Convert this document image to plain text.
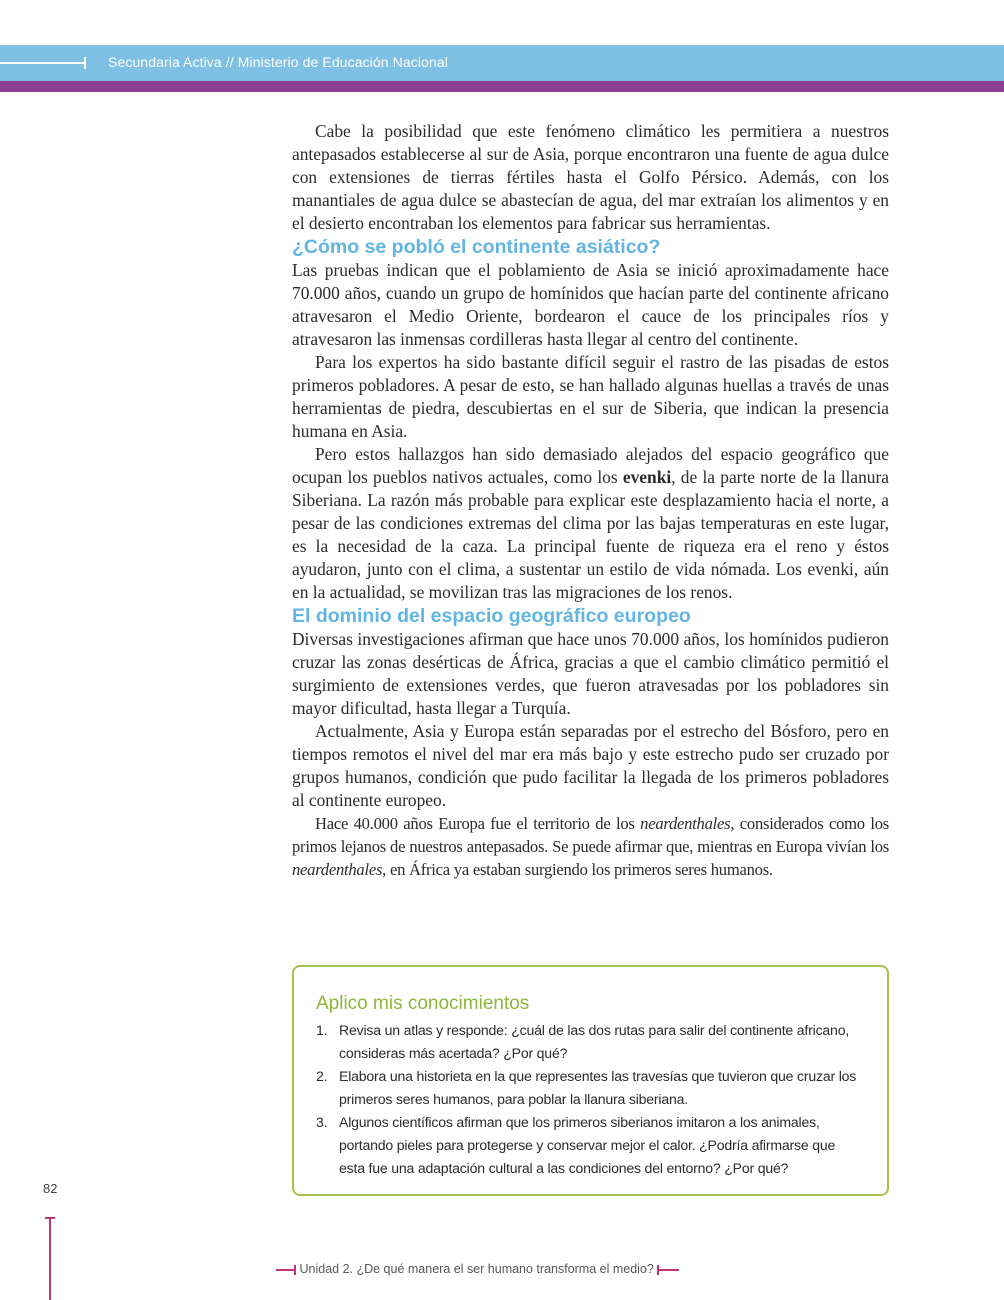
Secundaria Activa // Ministerio de Educación Nacional

Cabe la posibilidad que este fenómeno climático les permitiera a nuestros antepasados establecerse al sur de Asia, porque encontraron una fuente de agua dulce con extensiones de tierras fértiles hasta el Golfo Pérsico. Además, con los manantiales de agua dulce se abastecían de agua, del mar extraían los alimentos y en el desierto encontraban los elementos para fabricar sus herramientas.

¿Cómo se pobló el continente asiático?

Las pruebas indican que el poblamiento de Asia se inició aproximadamente hace 70.000 años, cuando un grupo de homínidos que hacían parte del continente africano atravesaron el Medio Oriente, bordearon el cauce de los principales ríos y atravesaron las inmensas cordilleras hasta llegar al centro del continente.

Para los expertos ha sido bastante difícil seguir el rastro de las pisadas de estos primeros pobladores. A pesar de esto, se han hallado algunas huellas a través de unas herramientas de piedra, descubiertas en el sur de Siberia, que indican la presencia humana en Asia.

Pero estos hallazgos han sido demasiado alejados del espacio geográfico que ocupan los pueblos nativos actuales, como los evenki, de la parte norte de la llanura Siberiana. La razón más probable para explicar este desplazamiento hacia el norte, a pesar de las condiciones extremas del clima por las bajas temperaturas en este lugar, es la necesidad de la caza. La principal fuente de riqueza era el reno y éstos ayudaron, junto con el clima, a sustentar un estilo de vida nómada. Los evenki, aún en la actualidad, se movilizan tras las migraciones de los renos.

El dominio del espacio geográfico europeo

Diversas investigaciones afirman que hace unos 70.000 años, los homínidos pudieron cruzar las zonas desérticas de África, gracias a que el cambio climático permitió el surgimiento de extensiones verdes, que fueron atravesadas por los pobladores sin mayor dificultad, hasta llegar a Turquía.

Actualmente, Asia y Europa están separadas por el estrecho del Bósforo, pero en tiempos remotos el nivel del mar era más bajo y este estrecho pudo ser cruzado por grupos humanos, condición que pudo facilitar la llegada de los primeros pobladores al continente europeo.

Hace 40.000 años Europa fue el territorio de los neardenthales, considerados como los primos lejanos de nuestros antepasados. Se puede afirmar que, mientras en Europa vivían los neardenthales, en África ya estaban surgiendo los primeros seres humanos.

Aplico mis conocimientos
1. Revisa un atlas y responde: ¿cuál de las dos rutas para salir del continente africano, consideras más acertada? ¿Por qué?
2. Elabora una historieta en la que representes las travesías que tuvieron que cruzar los primeros seres humanos, para poblar la llanura siberiana.
3. Algunos científicos afirman que los primeros siberianos imitaron a los animales, portando pieles para protegerse y conservar mejor el calor. ¿Podría afirmarse que esta fue una adaptación cultural a las condiciones del entorno? ¿Por qué?
82
Unidad 2. ¿De qué manera el ser humano transforma el medio?
